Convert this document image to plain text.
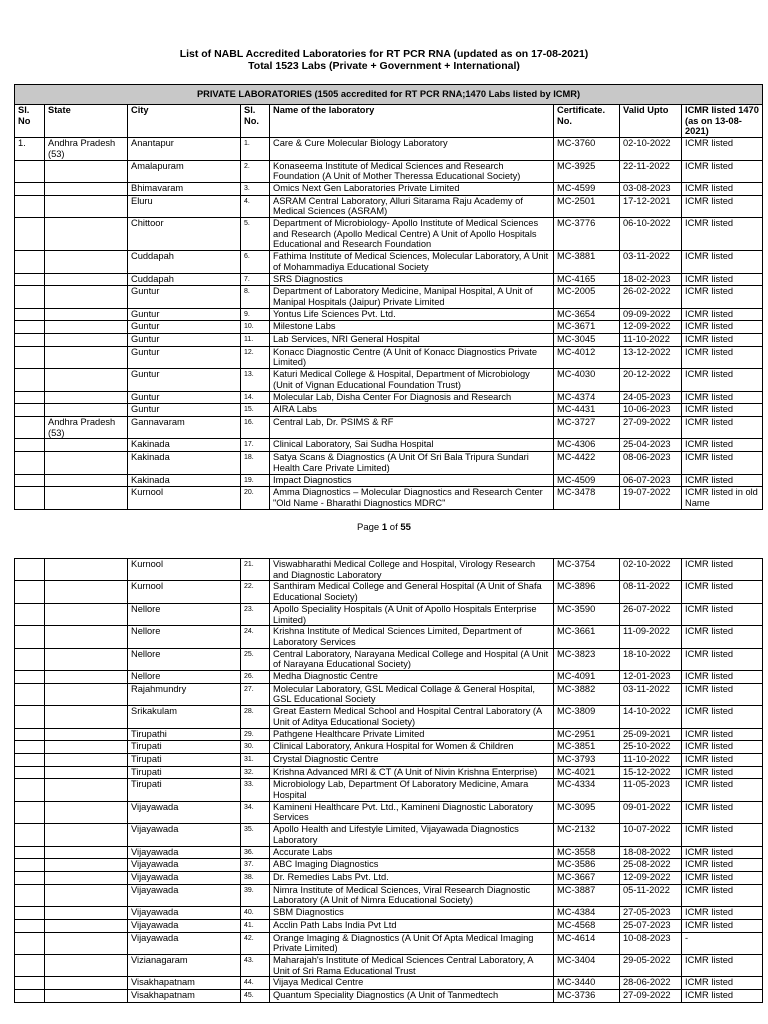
List of NABL Accredited Laboratories for RT PCR RNA (updated as on 17-08-2021)
Total 1523 Labs (Private + Government + International)
PRIVATE LABORATORIES (1505 accredited for RT PCR RNA;1470 Labs listed by ICMR)							
Sl. No	State	City	Sl. No.	Name of the laboratory	Certificate. No.	Valid Upto	ICMR listed 1470 (as on 13-08-2021)
1.	Andhra Pradesh (53)	Anantapur	1.	Care & Cure Molecular Biology Laboratory	MC-3760	02-10-2022	ICMR listed
		Amalapuram	2.	Konaseema Institute of Medical Sciences and Research Foundation (A Unit of Mother Theressa Educational Society)	MC-3925	22-11-2022	ICMR listed
		Bhimavaram	3.	Omics Next Gen Laboratories Private Limited	MC-4599	03-08-2023	ICMR listed
		Eluru	4.	ASRAM Central Laboratory, Alluri Sitarama Raju Academy of Medical Sciences (ASRAM)	MC-2501	17-12-2021	ICMR listed
		Chittoor	5.	Department of Microbiology- Apollo Institute of Medical Sciences and Research (Apollo Medical Centre) A Unit of Apollo Hospitals Educational and Research Foundation	MC-3776	06-10-2022	ICMR listed
		Cuddapah	6.	Fathima Institute of Medical Sciences, Molecular Laboratory, A Unit of Mohammadiya Educational Society	MC-3881	03-11-2022	ICMR listed
		Cuddapah	7.	SRS Diagnostics	MC-4165	18-02-2023	ICMR listed
		Guntur	8.	Department of Laboratory Medicine, Manipal Hospital, A Unit of Manipal Hospitals (Jaipur) Private Limited	MC-2005	26-02-2022	ICMR listed
		Guntur	9.	Yontus Life Sciences Pvt. Ltd.	MC-3654	09-09-2022	ICMR listed
		Guntur	10.	Milestone Labs	MC-3671	12-09-2022	ICMR listed
		Guntur	11.	Lab Services, NRI General Hospital	MC-3045	11-10-2022	ICMR listed
		Guntur	12.	Konacc Diagnostic Centre (A Unit of Konacc Diagnostics Private Limited)	MC-4012	13-12-2022	ICMR listed
		Guntur	13.	Katuri Medical College & Hospital, Department of Microbiology (Unit of Vignan Educational Foundation Trust)	MC-4030	20-12-2022	ICMR listed
		Guntur	14.	Molecular Lab, Disha Center For Diagnosis and Research	MC-4374	24-05-2023	ICMR listed
		Guntur	15.	AIRA Labs	MC-4431	10-06-2023	ICMR listed
	Andhra Pradesh (53)	Gannavaram	16.	Central Lab, Dr. PSIMS & RF	MC-3727	27-09-2022	ICMR listed
		Kakinada	17.	Clinical Laboratory, Sai Sudha Hospital	MC-4306	25-04-2023	ICMR listed
		Kakinada	18.	Satya Scans & Diagnostics (A Unit Of Sri Bala Tripura Sundari Health Care Private Limited)	MC-4422	08-06-2023	ICMR listed
		Kakinada	19.	Impact Diagnostics	MC-4509	06-07-2023	ICMR listed
		Kurnool	20.	Amma Diagnostics – Molecular Diagnostics and Research Center "Old Name - Bharathi Diagnostics MDRC"	MC-3478	19-07-2022	ICMR listed in old Name
Page 1 of 55
		Kurnool	21.	Viswabharathi Medical College and Hospital, Virology Research and Diagnostic Laboratory	MC-3754	02-10-2022	ICMR listed
		Kurnool	22.	Santhiram Medical College and General Hospital (A Unit of Shafa Educational Society)	MC-3896	08-11-2022	ICMR listed
		Nellore	23.	Apollo Speciality Hospitals (A Unit of Apollo Hospitals Enterprise Limited)	MC-3590	26-07-2022	ICMR listed
		Nellore	24.	Krishna Institute of Medical Sciences Limited, Department of Laboratory Services	MC-3661	11-09-2022	ICMR listed
		Nellore	25.	Central Laboratory, Narayana Medical College and Hospital (A Unit of Narayana Educational Society)	MC-3823	18-10-2022	ICMR listed
		Nellore	26.	Medha Diagnostic Centre	MC-4091	12-01-2023	ICMR listed
		Rajahmundry	27.	Molecular Laboratory, GSL Medical Collage & General Hospital, GSL Educational Society	MC-3882	03-11-2022	ICMR listed
		Srikakulam	28.	Great Eastern Medical School and Hospital Central Laboratory (A Unit of Aditya Educational Society)	MC-3809	14-10-2022	ICMR listed
		Tirupathi	29.	Pathgene Healthcare Private Limited	MC-2951	25-09-2021	ICMR listed
		Tirupati	30.	Clinical Laboratory, Ankura Hospital for Women & Children	MC-3851	25-10-2022	ICMR listed
		Tirupati	31.	Crystal Diagnostic Centre	MC-3793	11-10-2022	ICMR listed
		Tirupati	32.	Krishna Advanced MRI & CT (A Unit of Nivin Krishna Enterprise)	MC-4021	15-12-2022	ICMR listed
		Tirupati	33.	Microbiology Lab, Department Of Laboratory Medicine, Amara Hospital	MC-4334	11-05-2023	ICMR listed
		Vijayawada	34.	Kamineni Healthcare Pvt. Ltd., Kamineni Diagnostic Laboratory Services	MC-3095	09-01-2022	ICMR listed
		Vijayawada	35.	Apollo Health and Lifestyle Limited, Vijayawada Diagnostics Laboratory	MC-2132	10-07-2022	ICMR listed
		Vijayawada	36.	Accurate Labs	MC-3558	18-08-2022	ICMR listed
		Vijayawada	37.	ABC Imaging Diagnostics	MC-3586	25-08-2022	ICMR listed
		Vijayawada	38.	Dr. Remedies Labs Pvt. Ltd.	MC-3667	12-09-2022	ICMR listed
		Vijayawada	39.	Nimra Institute of Medical Sciences, Viral Research Diagnostic Laboratory (A Unit of Nimra Educational Society)	MC-3887	05-11-2022	ICMR listed
		Vijayawada	40.	SBM Diagnostics	MC-4384	27-05-2023	ICMR listed
		Vijayawada	41.	Acclin Path Labs India Pvt Ltd	MC-4568	25-07-2023	ICMR listed
		Vijayawada	42.	Orange Imaging & Diagnostics (A Unit Of Apta Medical Imaging Private Limited)	MC-4614	10-08-2023	-
		Vizianagaram	43.	Maharajah's Institute of Medical Sciences Central Laboratory, A Unit of Sri Rama Educational Trust	MC-3404	29-05-2022	ICMR listed
		Visakhapatnam	44.	Vijaya Medical Centre	MC-3440	28-06-2022	ICMR listed
		Visakhapatnam	45.	Quantum Speciality Diagnostics (A Unit of Tanmedtech	MC-3736	27-09-2022	ICMR listed
